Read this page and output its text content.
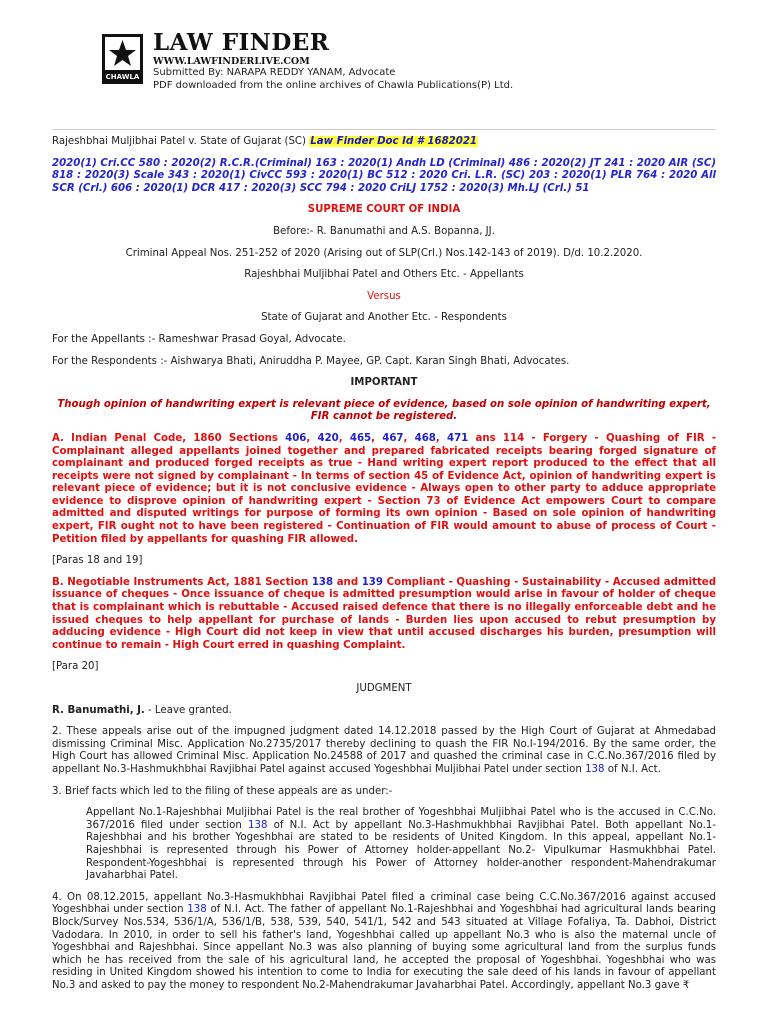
CHAWLA
LAW FINDER
WWW.LAWFINDERLIVE.COM
Submitted By: NARAPA REDDY YANAM, Advocate
PDF downloaded from the online archives of Chawla Publications(P) Ltd.

Rajeshbhai Muljibhai Patel v. State of Gujarat (SC) Law Finder Doc Id # 1682021

2020(1) Cri.CC 580 : 2020(2) R.C.R.(Criminal) 163 : 2020(1) Andh LD (Criminal) 486 : 2020(2) JT 241 : 2020 AIR (SC) 818 : 2020(3) Scale 343 : 2020(1) CivCC 593 : 2020(1) BC 512 : 2020 Cri. L.R. (SC) 203 : 2020(1) PLR 764 : 2020 All SCR (Crl.) 606 : 2020(1) DCR 417 : 2020(3) SCC 794 : 2020 CriLJ 1752 : 2020(3) Mh.LJ (Crl.) 51

SUPREME COURT OF INDIA

Before:- R. Banumathi and A.S. Bopanna, JJ.

Criminal Appeal Nos. 251-252 of 2020 (Arising out of SLP(Crl.) Nos.142-143 of 2019). D/d. 10.2.2020.

Rajeshbhai Muljibhai Patel and Others Etc. - Appellants

Versus

State of Gujarat and Another Etc. - Respondents

For the Appellants :- Rameshwar Prasad Goyal, Advocate.

For the Respondents :- Aishwarya Bhati, Aniruddha P. Mayee, GP. Capt. Karan Singh Bhati, Advocates.

IMPORTANT

Though opinion of handwriting expert is relevant piece of evidence, based on sole opinion of handwriting expert, FIR cannot be registered.

A. Indian Penal Code, 1860 Sections 406, 420, 465, 467, 468, 471 ans 114 - Forgery - Quashing of FIR - Complainant alleged appellants joined together and prepared fabricated receipts bearing forged signature of complainant and produced forged receipts as true - Hand writing expert report produced to the effect that all receipts were not signed by complainant - In terms of section 45 of Evidence Act, opinion of handwriting expert is relevant piece of evidence; but it is not conclusive evidence - Always open to other party to adduce appropriate evidence to disprove opinion of handwriting expert - Section 73 of Evidence Act empowers Court to compare admitted and disputed writings for purpose of forming its own opinion - Based on sole opinion of handwriting expert, FIR ought not to have been registered - Continuation of FIR would amount to abuse of process of Court - Petition filed by appellants for quashing FIR allowed.

[Paras 18 and 19]

B. Negotiable Instruments Act, 1881 Section 138 and 139 Compliant - Quashing - Sustainability - Accused admitted issuance of cheques - Once issuance of cheque is admitted presumption would arise in favour of holder of cheque that is complainant which is rebuttable - Accused raised defence that there is no illegally enforceable debt and he issued cheques to help appellant for purchase of lands - Burden lies upon accused to rebut presumption by adducing evidence - High Court did not keep in view that until accused discharges his burden, presumption will continue to remain - High Court erred in quashing Complaint.

[Para 20]

JUDGMENT

R. Banumathi, J. - Leave granted.

2. These appeals arise out of the impugned judgment dated 14.12.2018 passed by the High Court of Gujarat at Ahmedabad dismissing Criminal Misc. Application No.2735/2017 thereby declining to quash the FIR No.I-194/2016. By the same order, the High Court has allowed Criminal Misc. Application No.24588 of 2017 and quashed the criminal case in C.C.No.367/2016 filed by appellant No.3-Hashmukhbhai Ravjibhai Patel against accused Yogeshbhai Muljibhai Patel under section 138 of N.I. Act.

3. Brief facts which led to the filing of these appeals are as under:-

Appellant No.1-Rajeshbhai Muljibhai Patel is the real brother of Yogeshbhai Muljibhai Patel who is the accused in C.C.No. 367/2016 filed under section 138 of N.I. Act by appellant No.3-Hashmukhbhai Ravjibhai Patel. Both appellant No.1-Rajeshbhai and his brother Yogeshbhai are stated to be residents of United Kingdom. In this appeal, appellant No.1-Rajeshbhai is represented through his Power of Attorney holder-appellant No.2- Vipulkumar Hasmukhbhai Patel. Respondent-Yogeshbhai is represented through his Power of Attorney holder-another respondent-Mahendrakumar Javaharbhai Patel.

4. On 08.12.2015, appellant No.3-Hasmukhbhai Ravjibhai Patel filed a criminal case being C.C.No.367/2016 against accused Yogeshbhai under section 138 of N.I. Act. The father of appellant No.1-Rajeshbhai and Yogeshbhai had agricultural lands bearing Block/Survey Nos.534, 536/1/A, 536/1/B, 538, 539, 540, 541/1, 542 and 543 situated at Village Fofaliya, Ta. Dabhoi, District Vadodara. In 2010, in order to sell his father's land, Yogeshbhai called up appellant No.3 who is also the maternal uncle of Yogeshbhai and Rajeshbhai. Since appellant No.3 was also planning of buying some agricultural land from the surplus funds which he has received from the sale of his agricultural land, he accepted the proposal of Yogeshbhai. Yogeshbhai who was residing in United Kingdom showed his intention to come to India for executing the sale deed of his lands in favour of appellant No.3 and asked to pay the money to respondent No.2-Mahendrakumar Javaharbhai Patel. Accordingly, appellant No.3 gave ₹
